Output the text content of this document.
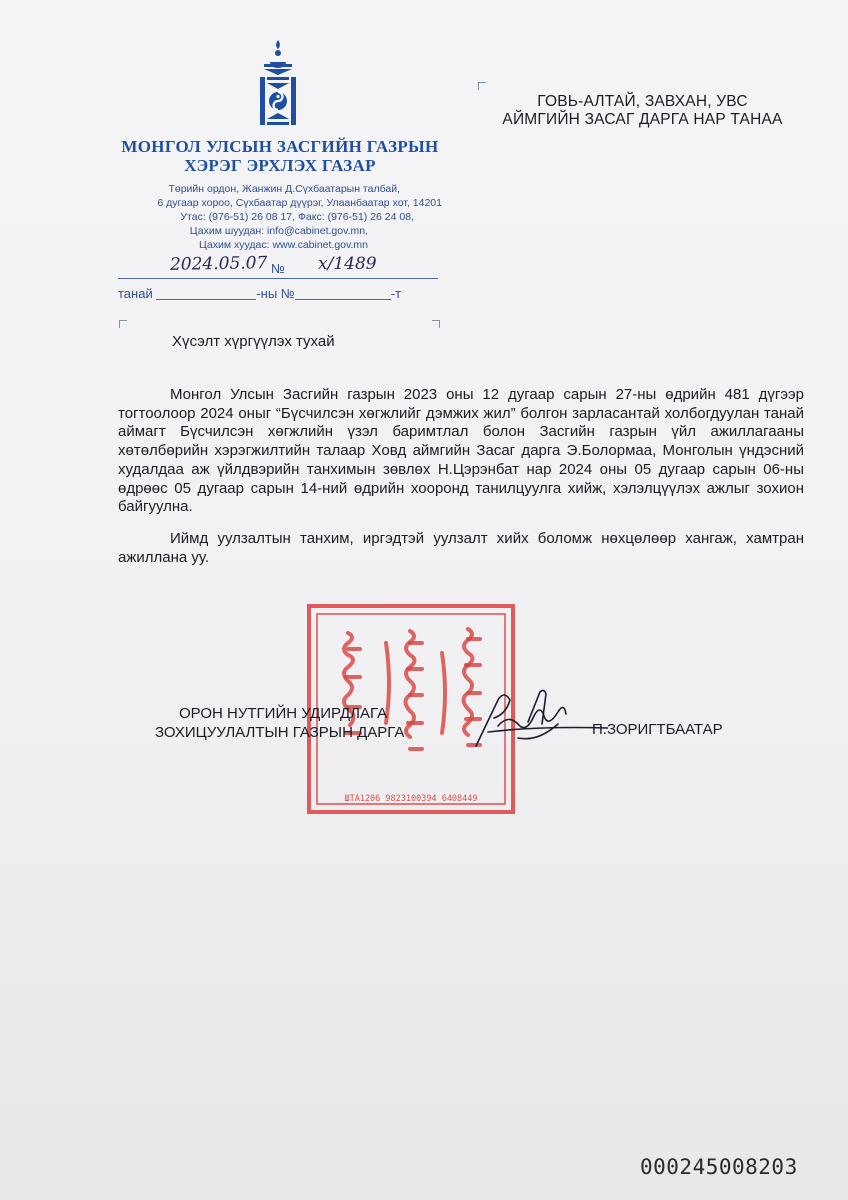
МОНГОЛ УЛСЫН ЗАСГИЙН ГАЗРЫН
ХЭРЭГ ЭРХЛЭХ ГАЗАР
Төрийн ордон, Жанжин Д.Сүхбаатарын талбай,
6 дугаар хороо, Сүхбаатар дүүрэг, Улаанбаатар хот, 14201
Утас: (976-51) 26 08 17, Факс: (976-51) 26 24 08,
Цахим шуудан: info@cabinet.gov.mn,
Цахим хуудас: www.cabinet.gov.mn
2024.05.07 № х/1489
танай	-ны №	-т
ГОВЬ-АЛТАЙ, ЗАВХАН, УВС
АЙМГИЙН ЗАСАГ ДАРГА НАР ТАНАА
Хүсэлт хүргүүлэх тухай

Монгол Улсын Засгийн газрын 2023 оны 12 дугаар сарын 27-ны өдрийн 481 дүгээр тогтоолоор 2024 оныг “Бүсчилсэн хөгжлийг дэмжих жил” болгон зарласантай холбогдуулан танай аймагт Бүсчилсэн хөгжлийн үзэл баримтлал болон Засгийн газрын үйл ажиллагааны хөтөлбөрийн хэрэгжилтийн талаар Ховд аймгийн Засаг дарга Э.Болормаа, Монголын үндэсний худалдаа аж үйлдвэрийн танхимын зөвлөх Н.Цэрэнбат нар 2024 оны 05 дугаар сарын 06-ны өдрөөс 05 дугаар сарын 14-ний өдрийн хооронд танилцуулга хийж, хэлэлцүүлэх ажлыг зохион байгуулна.

Иймд уулзалтын танхим, иргэдтэй уулзалт хийх боломж нөхцөлөөр хангаж, хамтран ажиллана уу.

ШТА1206 9823100394 6408449
ОРОН НУТГИЙН УДИРДЛАГА
ЗОХИЦУУЛАЛТЫН ГАЗРЫН ДАРГА	П.ЗОРИГТБААТАР
000245008203
